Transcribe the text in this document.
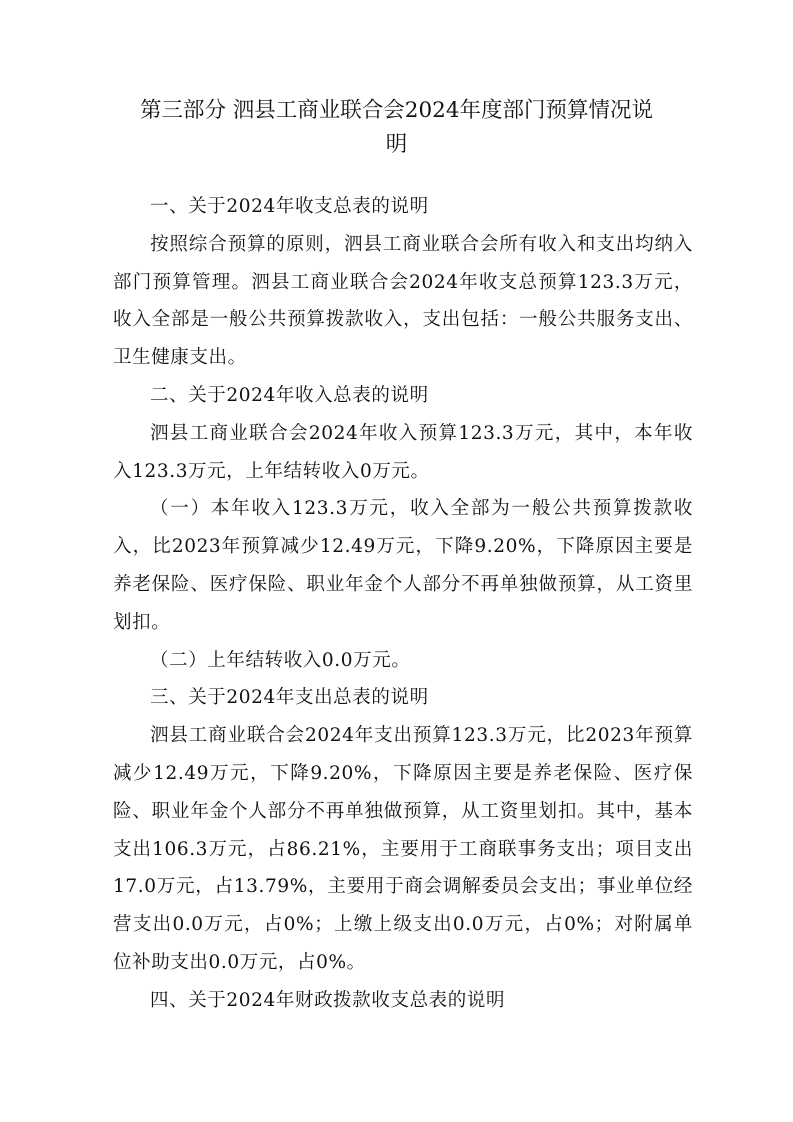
第三部分 泗县工商业联合会2024年度部门预算情况说
明

一、关于2024年收支总表的说明

按照综合预算的原则，泗县工商业联合会所有收入和支出均纳入部门预算管理。泗县工商业联合会2024年收支总预算123.3万元，收入全部是一般公共预算拨款收入，支出包括：一般公共服务支出、卫生健康支出。

二、关于2024年收入总表的说明

泗县工商业联合会2024年收入预算123.3万元，其中，本年收入123.3万元，上年结转收入0万元。

（一）本年收入123.3万元，收入全部为一般公共预算拨款收入，比2023年预算减少12.49万元，下降9.20%，下降原因主要是养老保险、医疗保险、职业年金个人部分不再单独做预算，从工资里划扣。

（二）上年结转收入0.0万元。

三、关于2024年支出总表的说明

泗县工商业联合会2024年支出预算123.3万元，比2023年预算减少12.49万元，下降9.20%，下降原因主要是养老保险、医疗保险、职业年金个人部分不再单独做预算，从工资里划扣。其中，基本支出106.3万元，占86.21%，主要用于工商联事务支出；项目支出17.0万元，占13.79%，主要用于商会调解委员会支出；事业单位经营支出0.0万元，占0%；上缴上级支出0.0万元，占0%；对附属单位补助支出0.0万元，占0%。

四、关于2024年财政拨款收支总表的说明
